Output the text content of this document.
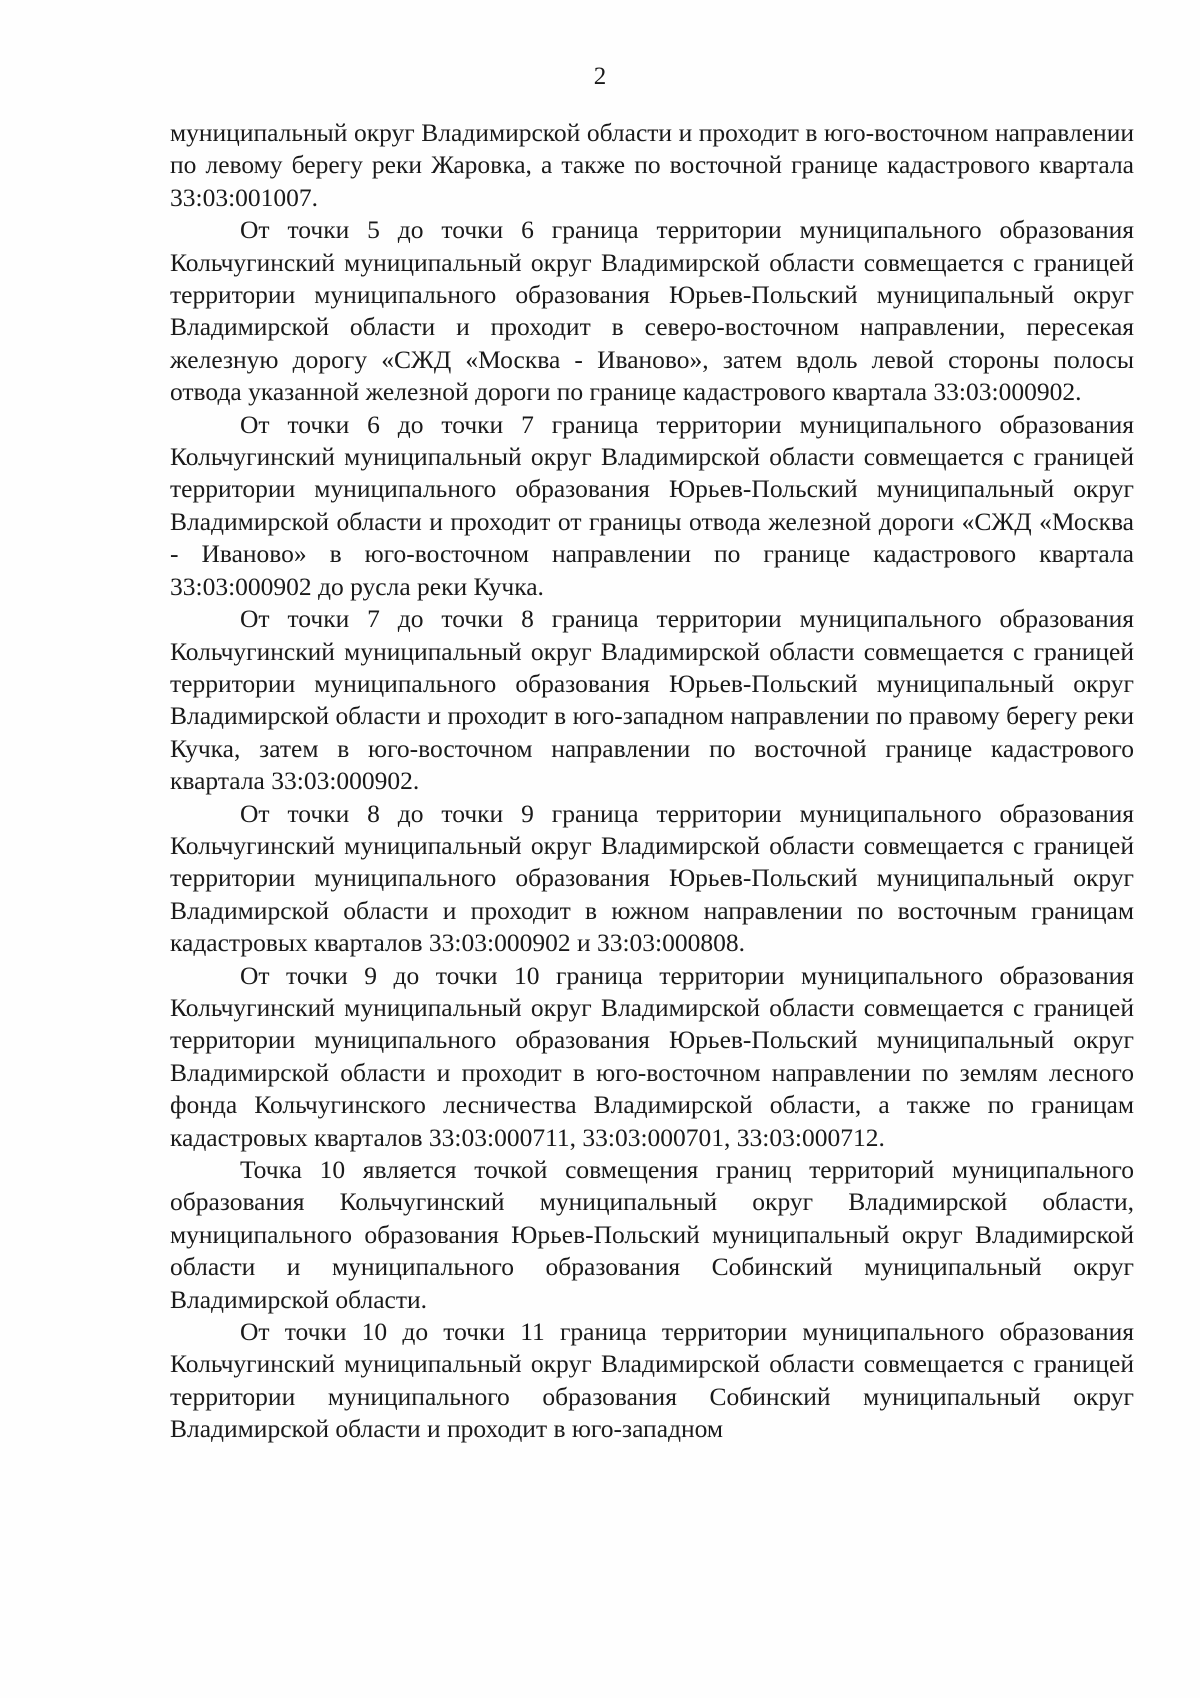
2

муниципальный округ Владимирской области и проходит в юго-восточном направлении по левому берегу реки Жаровка, а также по восточной границе кадастрового квартала 33:03:001007.

От точки 5 до точки 6 граница территории муниципального образования Кольчугинский муниципальный округ Владимирской области совмещается с границей территории муниципального образования Юрьев-Польский муниципальный округ Владимирской области и проходит в северо-восточном направлении, пересекая железную дорогу «СЖД «Москва - Иваново», затем вдоль левой стороны полосы отвода указанной железной дороги по границе кадастрового квартала 33:03:000902.

От точки 6 до точки 7 граница территории муниципального образования Кольчугинский муниципальный округ Владимирской области совмещается с границей территории муниципального образования Юрьев-Польский муниципальный округ Владимирской области и проходит от границы отвода железной дороги «СЖД «Москва - Иваново» в юго-восточном направлении по границе кадастрового квартала 33:03:000902 до русла реки Кучка.

От точки 7 до точки 8 граница территории муниципального образования Кольчугинский муниципальный округ Владимирской области совмещается с границей территории муниципального образования Юрьев-Польский муниципальный округ Владимирской области и проходит в юго-западном направлении по правому берегу реки Кучка, затем в юго-восточном направлении по восточной границе кадастрового квартала 33:03:000902.

От точки 8 до точки 9 граница территории муниципального образования Кольчугинский муниципальный округ Владимирской области совмещается с границей территории муниципального образования Юрьев-Польский муниципальный округ Владимирской области и проходит в южном направлении по восточным границам кадастровых кварталов 33:03:000902 и 33:03:000808.

От точки 9 до точки 10 граница территории муниципального образования Кольчугинский муниципальный округ Владимирской области совмещается с границей территории муниципального образования Юрьев-Польский муниципальный округ Владимирской области и проходит в юго-восточном направлении по землям лесного фонда Кольчугинского лесничества Владимирской области, а также по границам кадастровых кварталов 33:03:000711, 33:03:000701, 33:03:000712.

Точка 10 является точкой совмещения границ территорий муниципального образования Кольчугинский муниципальный округ Владимирской области, муниципального образования Юрьев-Польский муниципальный округ Владимирской области и муниципального образования Собинский муниципальный округ Владимирской области.

От точки 10 до точки 11 граница территории муниципального образования Кольчугинский муниципальный округ Владимирской области совмещается с границей территории муниципального образования Собинский муниципальный округ Владимирской области и проходит в юго-западном
